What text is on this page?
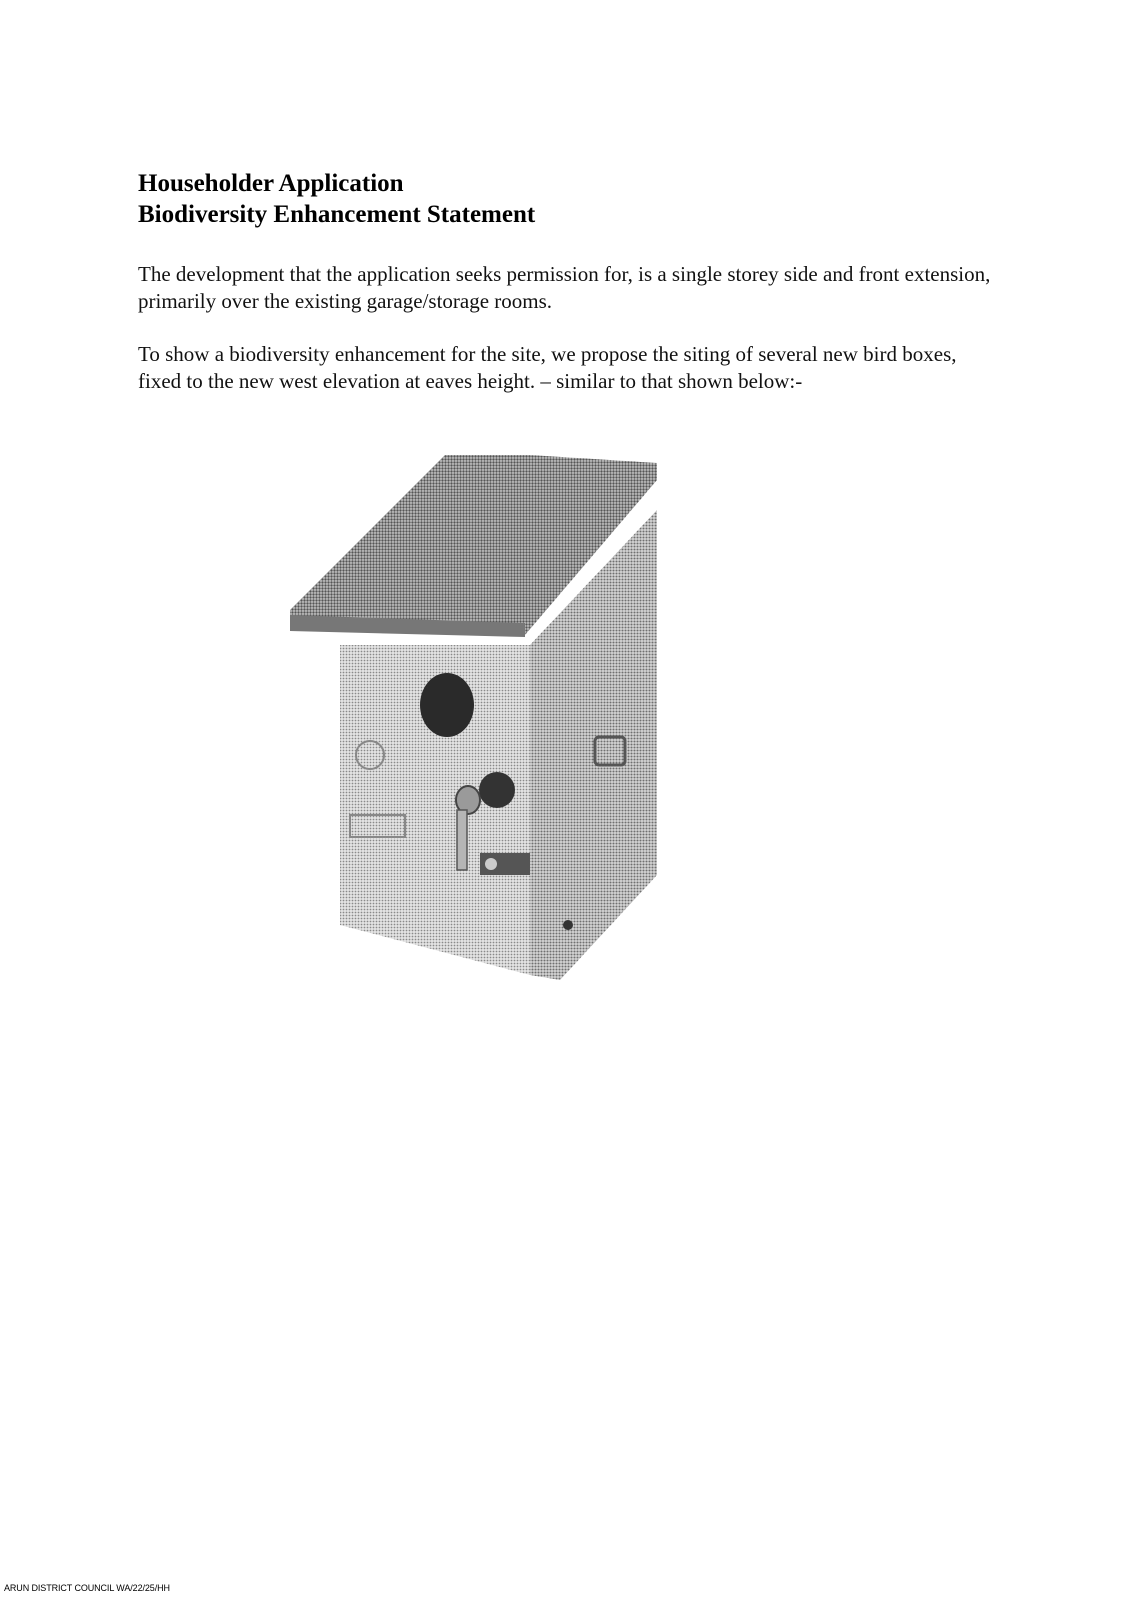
Householder Application
Biodiversity Enhancement Statement
The development that the application seeks permission for, is a single storey side and front extension, primarily over the existing garage/storage rooms.
To show a biodiversity enhancement for the site, we propose the siting of several new bird boxes, fixed to the new west elevation at eaves height. – similar to that shown below:-
ARUN DISTRICT COUNCIL WA/22/25/HH
